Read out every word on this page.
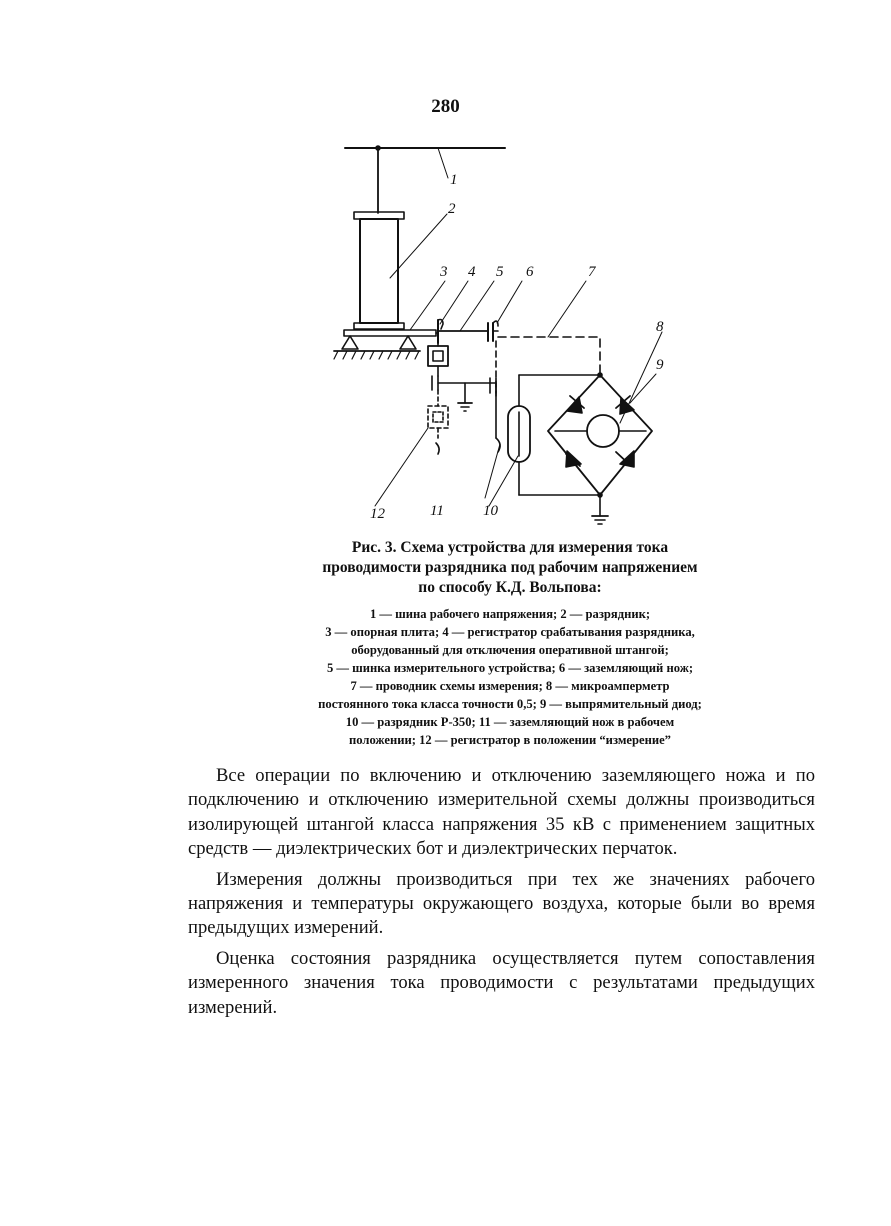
280
1
2
3 4 5 6	7
8
9
10
11
12
Рис. 3. Схема устройства для измерения тока
проводимости разрядника под рабочим напряжением
по способу К.Д. Вольпова:
1 — шина рабочего напряжения; 2 — разрядник;
3 — опорная плита; 4 — регистратор срабатывания разрядника,
оборудованный для отключения оперативной штангой;
5 — шинка измерительного устройства; 6 — заземляющий нож;
7 — проводник схемы измерения; 8 — микроамперметр
постоянного тока класса точности 0,5; 9 — выпрямительный диод;
10 — разрядник Р-350; 11 — заземляющий нож в рабочем
положении; 12 — регистратор в положении “измерение”

Все операции по включению и отключению заземляющего ножа и по подключению и отключению измерительной схемы должны производиться изолирующей штангой класса напряжения 35 кВ с применением защитных средств — диэлектрических бот и диэлектрических перчаток.

Измерения должны производиться при тех же значениях рабочего напряжения и температуры окружающего воздуха, которые были во время предыдущих измерений.

Оценка состояния разрядника осуществляется путем сопоставления измеренного значения тока проводимости с результатами предыдущих измерений.
